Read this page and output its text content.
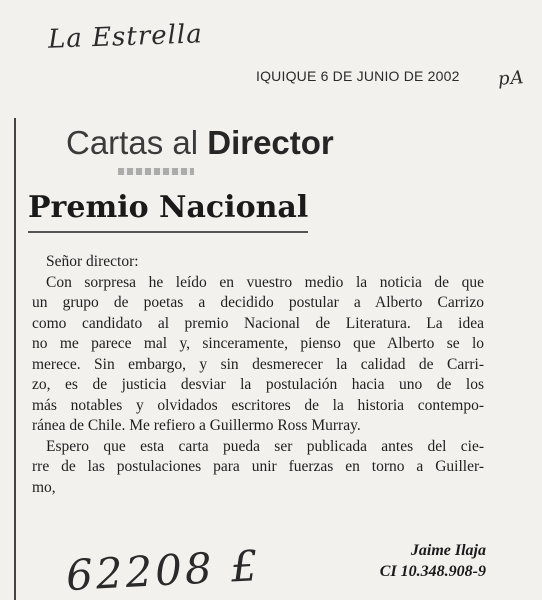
La Estrella
pA
IQUIQUE 6 DE JUNIO DE 2002
Cartas al Director
Premio Nacional

Señor director:

Con sorpresa he leído en vuestro medio la noticia de que

un grupo de poetas a decidido postular a Alberto Carrizo

como candidato al premio Nacional de Literatura. La idea

no me parece mal y, sinceramente, pienso que Alberto se lo

merece. Sin embargo, y sin desmerecer la calidad de Carri-

zo, es de justicia desviar la postulación hacia uno de los

más notables y olvidados escritores de la historia contempo-

ránea de Chile. Me refiero a Guillermo Ross Murray.

Espero que esta carta pueda ser publicada antes del cie-

rre de las postulaciones para unir fuerzas en torno a Guiller-

mo,

Jaime Ilaja
CI 10.348.908-9
62208 £
